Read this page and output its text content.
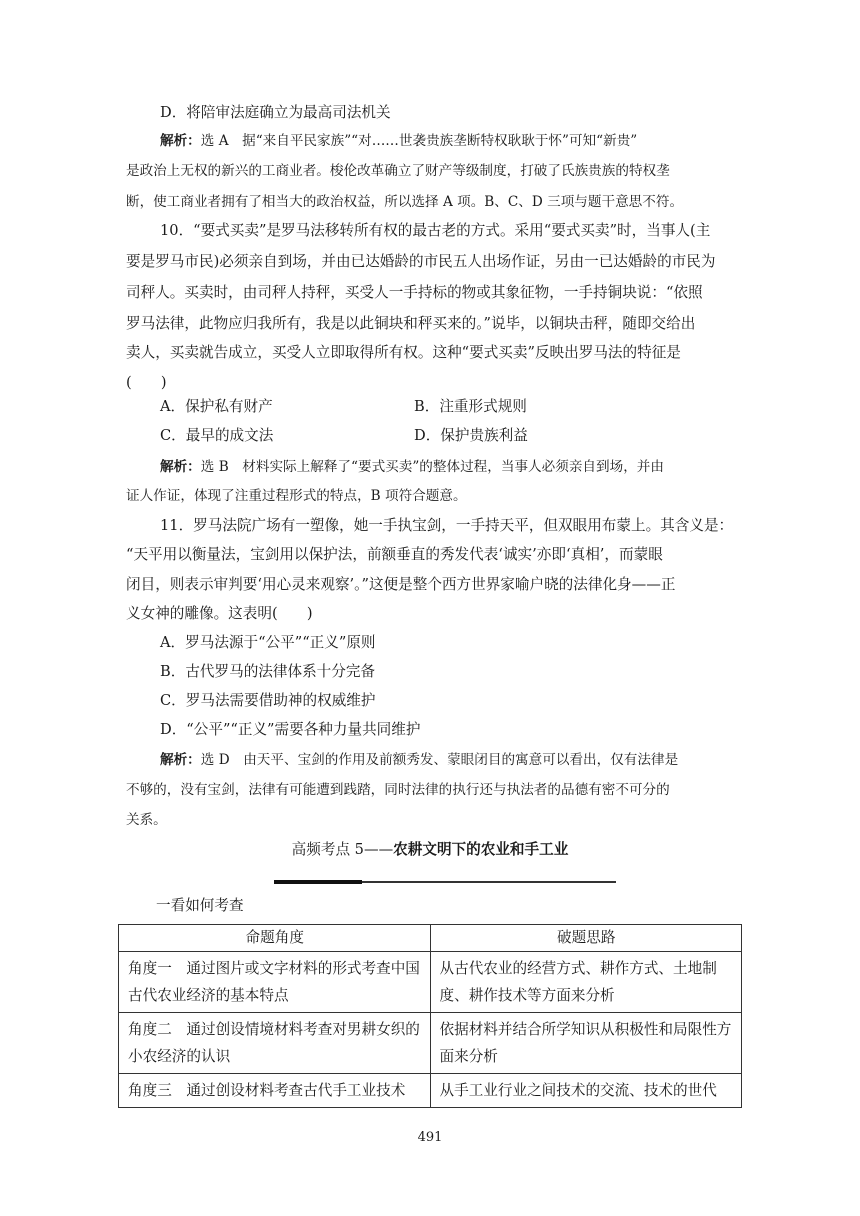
D．将陪审法庭确立为最高司法机关
解析：选 A　据“来自平民家族”“对……世袭贵族垄断特权耿耿于怀”可知“新贵”
是政治上无权的新兴的工商业者。梭伦改革确立了财产等级制度，打破了氏族贵族的特权垄
断，使工商业者拥有了相当大的政治权益，所以选择 A 项。B、C、D 三项与题干意思不符。
10．“要式买卖”是罗马法移转所有权的最古老的方式。采用“要式买卖”时，当事人(主
要是罗马市民)必须亲自到场，并由已达婚龄的市民五人出场作证，另由一已达婚龄的市民为
司秤人。买卖时，由司秤人持秤，买受人一手持标的物或其象征物，一手持铜块说：“依照
罗马法律，此物应归我所有，我是以此铜块和秤买来的。”说毕，以铜块击秤，随即交给出
卖人，买卖就告成立，买受人立即取得所有权。这种“要式买卖”反映出罗马法的特征是
(　　)
A．保护私有财产	B．注重形式规则
C．最早的成文法	D．保护贵族利益
解析：选 B　材料实际上解释了“要式买卖”的整体过程，当事人必须亲自到场，并由
证人作证，体现了注重过程形式的特点，B 项符合题意。
11．罗马法院广场有一塑像，她一手执宝剑，一手持天平，但双眼用布蒙上。其含义是：
“天平用以衡量法，宝剑用以保护法，前额垂直的秀发代表‘诚实’亦即‘真相’，而蒙眼
闭目，则表示审判要‘用心灵来观察’。”这便是整个西方世界家喻户晓的法律化身——正
义女神的雕像。这表明(　　)
A．罗马法源于“公平”“正义”原则
B．古代罗马的法律体系十分完备
C．罗马法需要借助神的权威维护
D．“公平”“正义”需要各种力量共同维护
解析：选 D　由天平、宝剑的作用及前额秀发、蒙眼闭目的寓意可以看出，仅有法律是
不够的，没有宝剑，法律有可能遭到践踏，同时法律的执行还与执法者的品德有密不可分的
关系。
高频考点 5——农耕文明下的农业和手工业
一看如何考查
命题角度	破题思路
角度一　通过图片或文字材料的形式考查中国古代农业经济的基本特点	从古代农业的经营方式、耕作方式、土地制度、耕作技术等方面来分析
角度二　通过创设情境材料考查对男耕女织的小农经济的认识	依据材料并结合所学知识从积极性和局限性方面来分析
角度三　通过创设材料考查古代手工业技术	从手工业行业之间技术的交流、技术的世代
491
